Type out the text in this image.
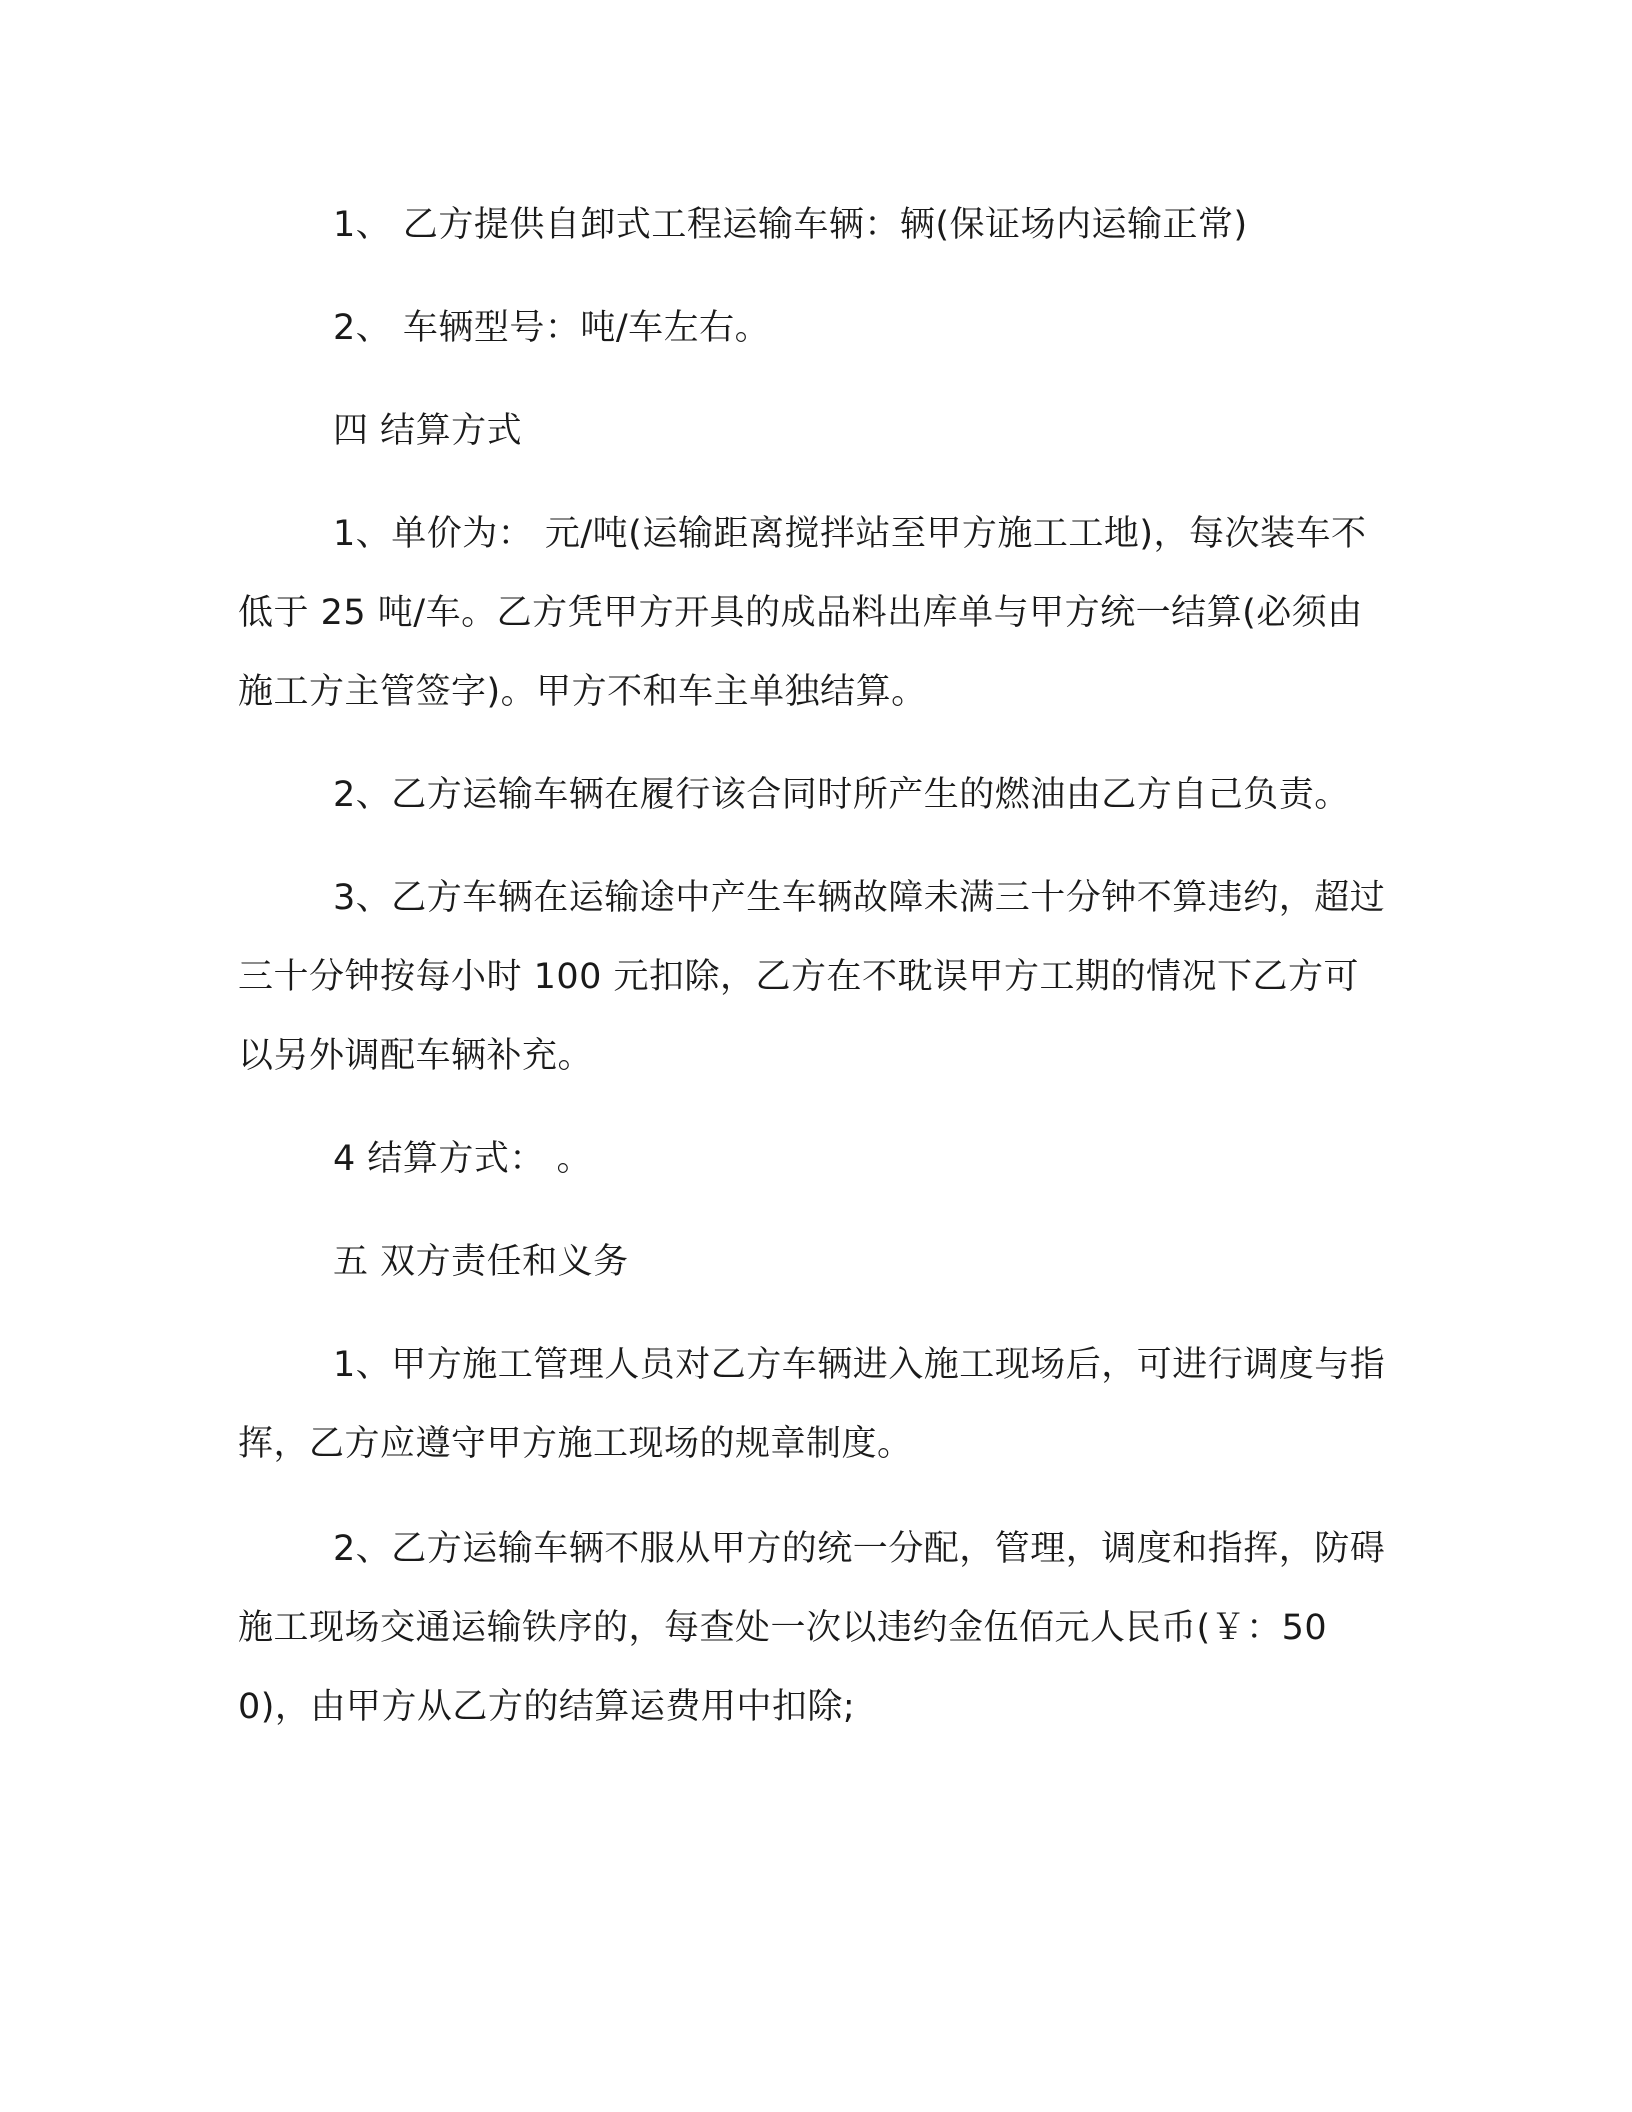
1、 乙方提供自卸式工程运输车辆：辆(保证场内运输正常)

2、 车辆型号：吨/车左右。

四 结算方式

1、单价为： 元/吨(运输距离搅拌站至甲方施工工地)，每次装车不低于 25 吨/车。乙方凭甲方开具的成品料出库单与甲方统一结算(必须由施工方主管签字)。甲方不和车主单独结算。

2、乙方运输车辆在履行该合同时所产生的燃油由乙方自己负责。

3、乙方车辆在运输途中产生车辆故障未满三十分钟不算违约，超过三十分钟按每小时 100 元扣除，乙方在不耽误甲方工期的情况下乙方可以另外调配车辆补充。

4 结算方式： 。

五 双方责任和义务

1、甲方施工管理人员对乙方车辆进入施工现场后，可进行调度与指挥，乙方应遵守甲方施工现场的规章制度。

2、乙方运输车辆不服从甲方的统一分配，管理，调度和指挥，防碍施工现场交通运输铁序的，每查处一次以违约金伍佰元人民币(￥：500)，由甲方从乙方的结算运费用中扣除;
